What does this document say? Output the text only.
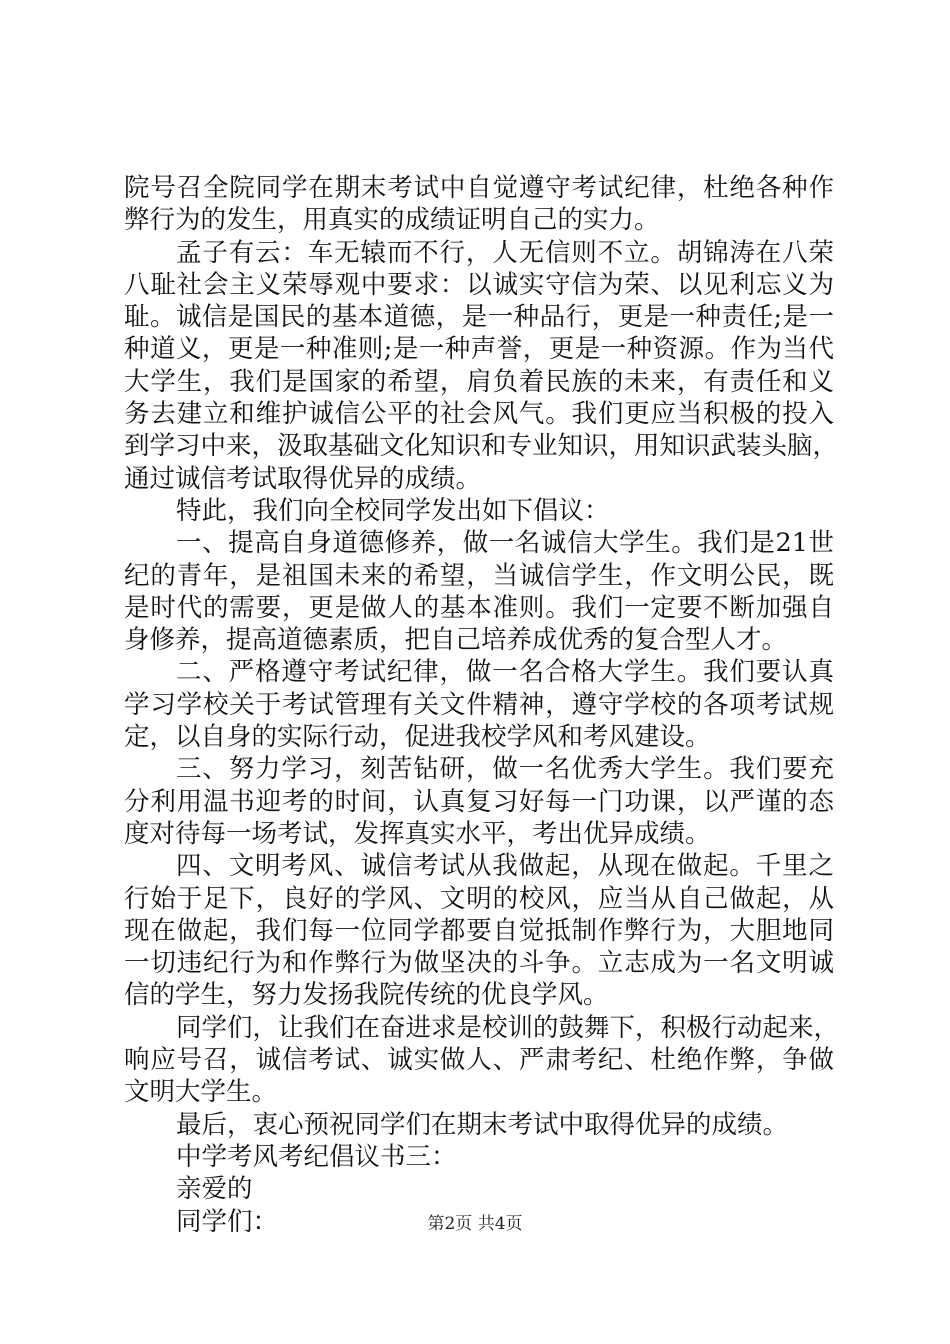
院号召全院同学在期末考试中自觉遵守考试纪律，杜绝各种作
弊行为的发生，用真实的成绩证明自己的实力。
孟子有云：车无辕而不行，人无信则不立。胡锦涛在八荣
八耻社会主义荣辱观中要求：以诚实守信为荣、以见利忘义为
耻。诚信是国民的基本道德，是一种品行，更是一种责任;是一
种道义，更是一种准则;是一种声誉，更是一种资源。作为当代
大学生，我们是国家的希望，肩负着民族的未来，有责任和义
务去建立和维护诚信公平的社会风气。我们更应当积极的投入
到学习中来，汲取基础文化知识和专业知识，用知识武装头脑，
通过诚信考试取得优异的成绩。
特此，我们向全校同学发出如下倡议：
一、提高自身道德修养，做一名诚信大学生。我们是21世
纪的青年，是祖国未来的希望，当诚信学生，作文明公民，既
是时代的需要，更是做人的基本准则。我们一定要不断加强自
身修养，提高道德素质，把自己培养成优秀的复合型人才。
二、严格遵守考试纪律，做一名合格大学生。我们要认真
学习学校关于考试管理有关文件精神，遵守学校的各项考试规
定，以自身的实际行动，促进我校学风和考风建设。
三、努力学习，刻苦钻研，做一名优秀大学生。我们要充
分利用温书迎考的时间，认真复习好每一门功课，以严谨的态
度对待每一场考试，发挥真实水平，考出优异成绩。
四、文明考风、诚信考试从我做起，从现在做起。千里之
行始于足下，良好的学风、文明的校风，应当从自己做起，从
现在做起，我们每一位同学都要自觉抵制作弊行为，大胆地同
一切违纪行为和作弊行为做坚决的斗争。立志成为一名文明诚
信的学生，努力发扬我院传统的优良学风。
同学们，让我们在奋进求是校训的鼓舞下，积极行动起来，
响应号召，诚信考试、诚实做人、严肃考纪、杜绝作弊，争做
文明大学生。
最后，衷心预祝同学们在期末考试中取得优异的成绩。
中学考风考纪倡议书三：
亲爱的
同学们：	第2页 共4页
